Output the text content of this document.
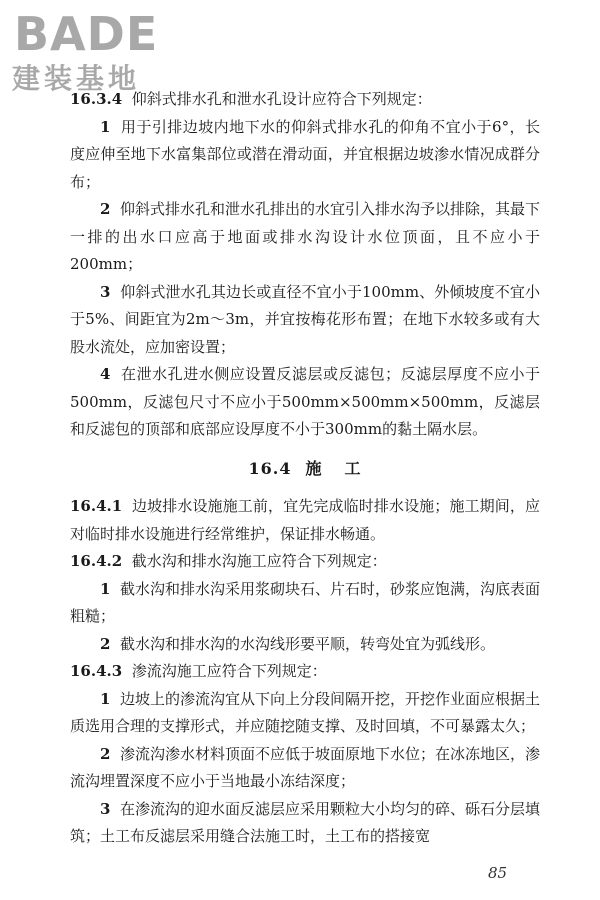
BADE
建装基地

16.3.4 仰斜式排水孔和泄水孔设计应符合下列规定：

1 用于引排边坡内地下水的仰斜式排水孔的仰角不宜小于6°，长度应伸至地下水富集部位或潜在滑动面，并宜根据边坡渗水情况成群分布；

2 仰斜式排水孔和泄水孔排出的水宜引入排水沟予以排除，其最下一排的出水口应高于地面或排水沟设计水位顶面，且不应小于200mm；

3 仰斜式泄水孔其边长或直径不宜小于100mm、外倾坡度不宜小于5%、间距宜为2m～3m，并宜按梅花形布置；在地下水较多或有大股水流处，应加密设置；

4 在泄水孔进水侧应设置反滤层或反滤包；反滤层厚度不应小于500mm，反滤包尺寸不应小于500mm×500mm×500mm，反滤层和反滤包的顶部和底部应设厚度不小于300mm的黏土隔水层。

16.4 施 工

16.4.1 边坡排水设施施工前，宜先完成临时排水设施；施工期间，应对临时排水设施进行经常维护，保证排水畅通。

16.4.2 截水沟和排水沟施工应符合下列规定：

1 截水沟和排水沟采用浆砌块石、片石时，砂浆应饱满，沟底表面粗糙；

2 截水沟和排水沟的水沟线形要平顺，转弯处宜为弧线形。

16.4.3 渗流沟施工应符合下列规定：

1 边坡上的渗流沟宜从下向上分段间隔开挖，开挖作业面应根据土质选用合理的支撑形式，并应随挖随支撑、及时回填，不可暴露太久；

2 渗流沟渗水材料顶面不应低于坡面原地下水位；在冰冻地区，渗流沟埋置深度不应小于当地最小冻结深度；

3 在渗流沟的迎水面反滤层应采用颗粒大小均匀的碎、砾石分层填筑；土工布反滤层采用缝合法施工时，土工布的搭接宽

85
